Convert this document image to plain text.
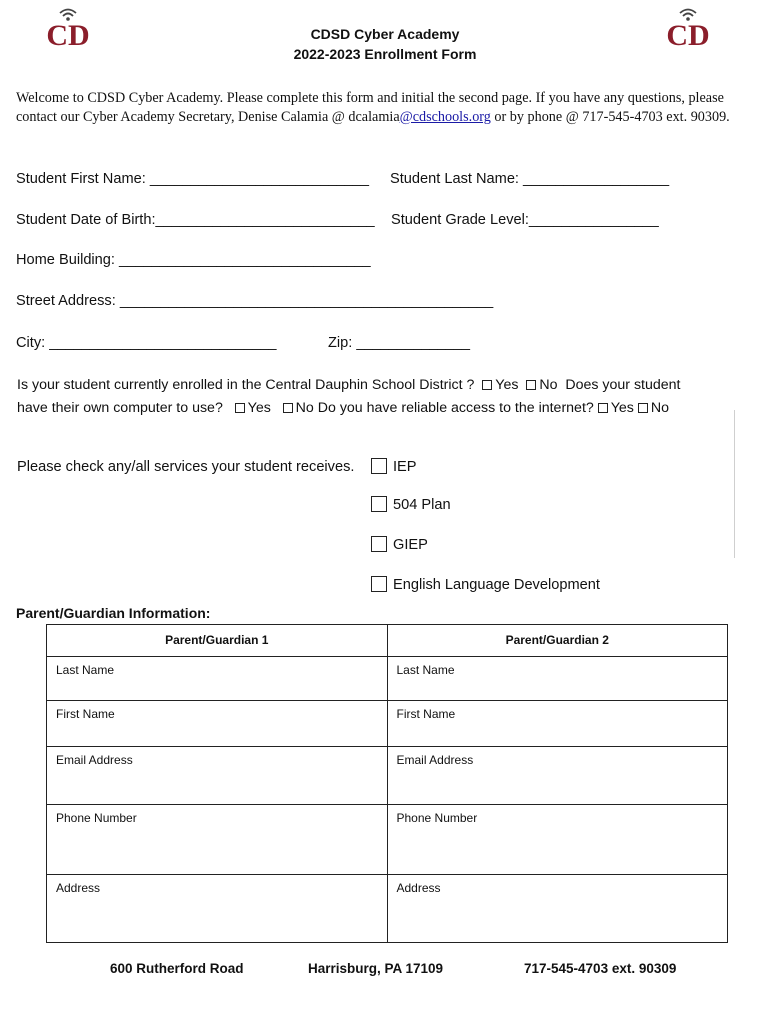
CD	CD
CDSD Cyber Academy
2022-2023 Enrollment Form
Welcome to CDSD Cyber Academy. Please complete this form and initial the second page. If you have any questions, please contact our Cyber Academy Secretary, Denise Calamia @ dcalamia@cdschools.org or by phone @ 717-545-4703 ext. 90309.
Student First Name: ___________________________ Student Last Name: __________________
Student Date of Birth:___________________________ Student Grade Level:________________
Home Building: _______________________________
Street Address: ______________________________________________
City: ____________________________	Zip: ______________
Is your student currently enrolled in the Central Dauphin School District ? Yes No Does your student
have their own computer to use? Yes No Do you have reliable access to the internet? Yes No
Please check any/all services your student receives.	IEP
504 Plan
GIEP
English Language Development
Parent/Guardian Information:
Parent/Guardian 1	Parent/Guardian 2
Last Name	Last Name
First Name	First Name
Email Address	Email Address
Phone Number	Phone Number
Address	Address
600 Rutherford Road	Harrisburg, PA 17109	717-545-4703 ext. 90309
